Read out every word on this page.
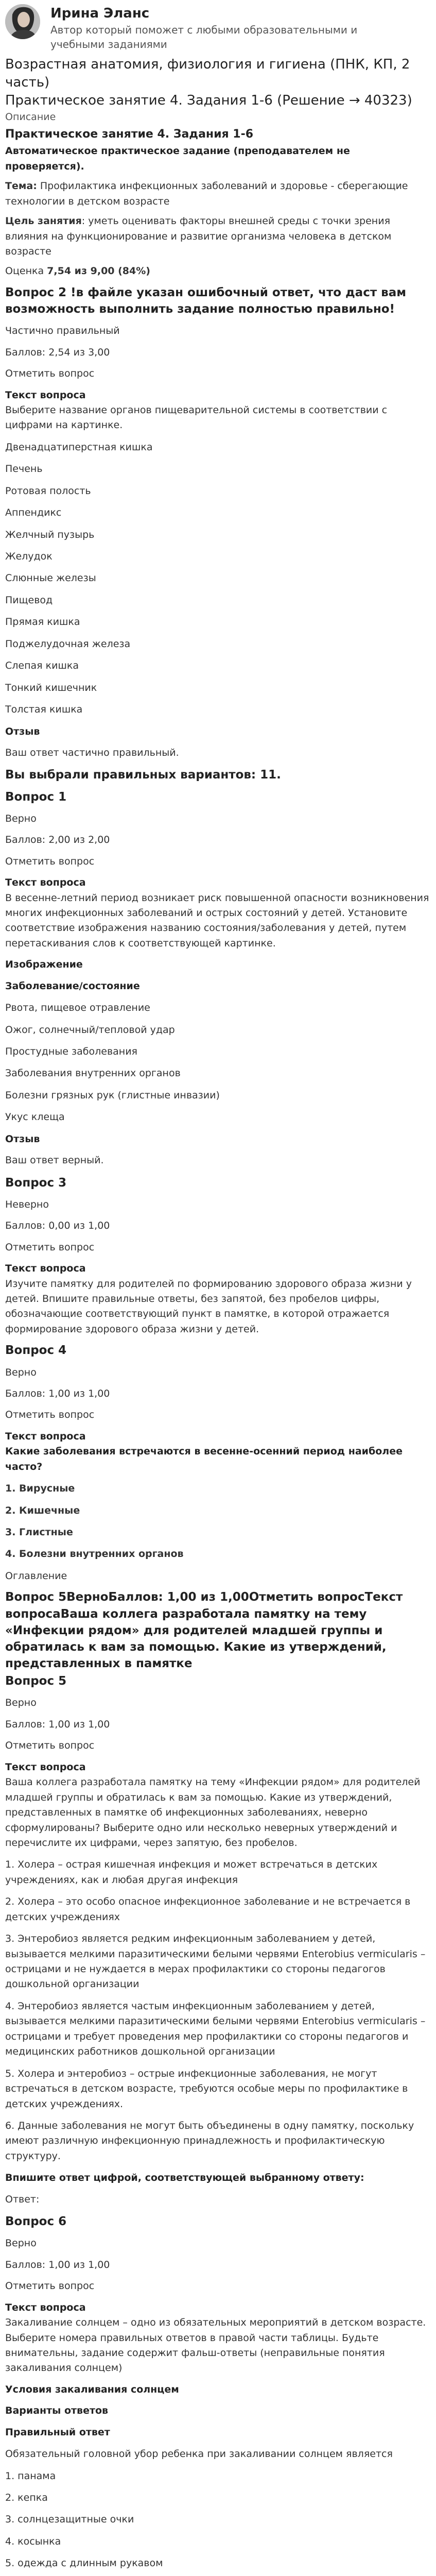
Ирина Эланс
Автор который поможет с любыми образовательными и
учебными заданиями
Возрастная анатомия, физиология и гигиена (ПНК, КП, 2 часть)
Практическое занятие 4. Задания 1-6 (Решение → 40323)
Описание
Практическое занятие 4. Задания 1-6
Автоматическое практическое задание (преподавателем не проверяется).
Тема: Профилактика инфекционных заболеваний и здоровье - сберегающие технологии в детском возрасте
Цель занятия: уметь оценивать факторы внешней среды с точки зрения влияния на функционирование и развитие организма человека в детском возрасте
Оценка 7,54 из 9,00 (84%)
Вопрос 2 !в файле указан ошибочный ответ, что даст вам возможность выполнить задание полностью правильно!
Частично правильный
Баллов: 2,54 из 3,00
Отметить вопрос
Текст вопроса
Выберите название органов пищеварительной системы в соответствии с цифрами на картинке.
Двенадцатиперстная кишка
Печень
Ротовая полость
Аппендикс
Желчный пузырь
Желудок
Слюнные железы
Пищевод
Прямая кишка
Поджелудочная железа
Слепая кишка
Тонкий кишечник
Толстая кишка
Отзыв
Ваш ответ частично правильный.
Вы выбрали правильных вариантов: 11.
Вопрос 1
Верно
Баллов: 2,00 из 2,00
Отметить вопрос
Текст вопроса
В весенне-летний период возникает риск повышенной опасности возникновения многих инфекционных заболеваний и острых состояний у детей. Установите соответствие изображения названию состояния/заболевания у детей, путем перетаскивания слов к соответствующей картинке.
Изображение
Заболевание/состояние
Рвота, пищевое отравление
Ожог, солнечный/тепловой удар
Простудные заболевания
Заболевания внутренних органов
Болезни грязных рук (глистные инвазии)
Укус клеща
Отзыв
Ваш ответ верный.
Вопрос 3
Неверно
Баллов: 0,00 из 1,00
Отметить вопрос
Текст вопроса
Изучите памятку для родителей по формированию здорового образа жизни у детей. Впишите правильные ответы, без запятой, без пробелов цифры, обозначающие соответствующий пункт в памятке, в которой отражается формирование здорового образа жизни у детей.
Вопрос 4
Верно
Баллов: 1,00 из 1,00
Отметить вопрос
Текст вопроса
Какие заболевания встречаются в весенне-осенний период наиболее часто?
1. Вирусные
2. Кишечные
3. Глистные
4. Болезни внутренних органов
Оглавление
Вопрос 5ВерноБаллов: 1,00 из 1,00Отметить вопросТекст вопросаВаша коллега разработала памятку на тему «Инфекции рядом» для родителей младшей группы и обратилась к вам за помощью. Какие из утверждений, представленных в памятке
Вопрос 5
Верно
Баллов: 1,00 из 1,00
Отметить вопрос
Текст вопроса
Ваша коллега разработала памятку на тему «Инфекции рядом» для родителей младшей группы и обратилась к вам за помощью. Какие из утверждений, представленных в памятке об инфекционных заболеваниях, неверно сформулированы? Выберите одно или несколько неверных утверждений и перечислите их цифрами, через запятую, без пробелов.
1. Холера – острая кишечная инфекция и может встречаться в детских учреждениях, как и любая другая инфекция
2. Холера – это особо опасное инфекционное заболевание и не встречается в детских учреждениях
3. Энтеробиоз является редким инфекционным заболеванием у детей, вызывается мелкими паразитическими белыми червями Enterobius vermicularis – острицами и не нуждается в мерах профилактики со стороны педагогов дошкольной организации
4. Энтеробиоз является частым инфекционным заболеванием у детей, вызывается мелкими паразитическими белыми червями Enterobius vermicularis – острицами и требует проведения мер профилактики со стороны педагогов и медицинских работников дошкольной организации
5. Холера и энтеробиоз – острые инфекционные заболевания, не могут встречаться в детском возрасте, требуются особые меры по профилактике в детских учреждениях.
6. Данные заболевания не могут быть объединены в одну памятку, поскольку имеют различную инфекционную принадлежность и профилактическую структуру.
Впишите ответ цифрой, соответствующей выбранному ответу:
Ответ:
Вопрос 6
Верно
Баллов: 1,00 из 1,00
Отметить вопрос
Текст вопроса
Закаливание солнцем – одно из обязательных мероприятий в детском возрасте. Выберите номера правильных ответов в правой части таблицы. Будьте внимательны, задание содержит фальш-ответы (неправильные понятия закаливания солнцем)
Условия закаливания солнцем
Варианты ответов
Правильный ответ
Обязательный головной убор ребенка при закаливании солнцем является
1. панама
2. кепка
3. солнцезащитные очки
4. косынка
5. одежда с длинным рукавом
